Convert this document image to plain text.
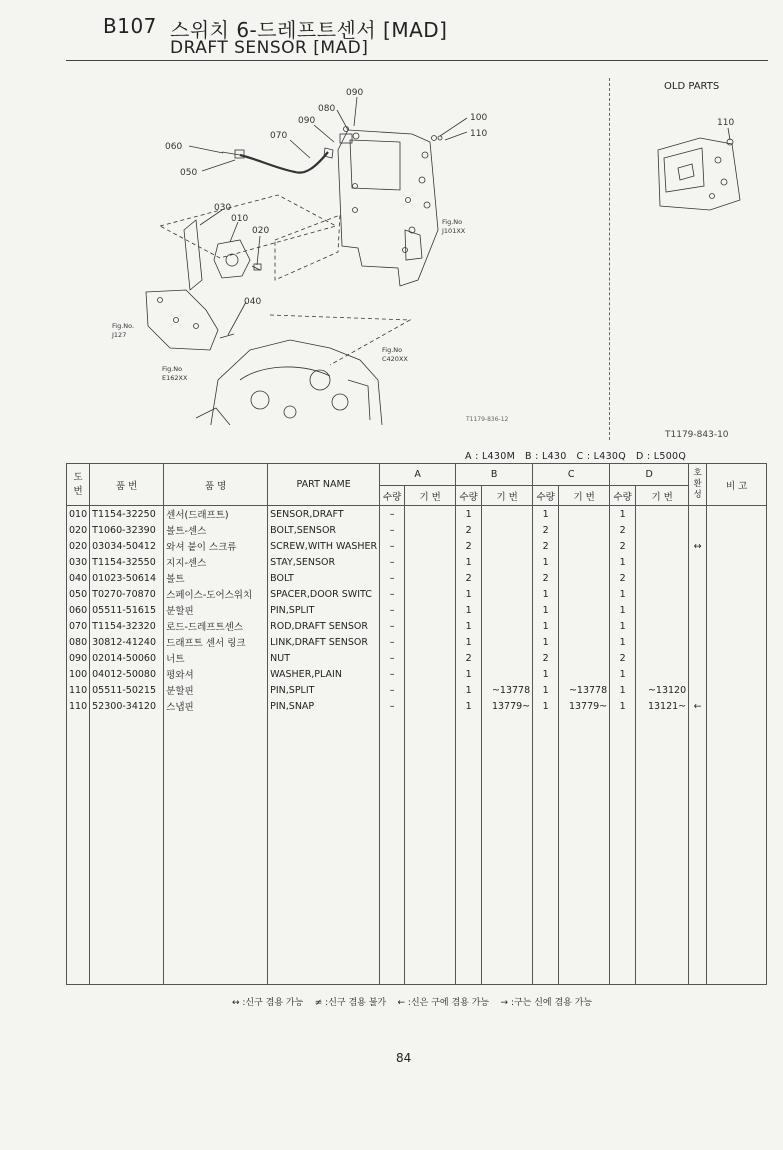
B107 스위치 6-드레프트센서 [MAD]
DRAFT SENSOR [MAD]
090
080
090	100
110
070
060
050
030
010
020
040
Fig.No
J101XX
Fig.No.
J127
Fig.No
E162XX
Fig.No
C420XX
T1179-836-12
OLD PARTS
110
T1179-843-10
A : L430M   B : L430   C : L430Q   D : L500Q
도
번	품 번	품 명	PART NAME	A		B		C		D		호
환
성	비 고
				수량	기 번	수량	기 번	수량	기 번	수량	기 번		
010	T1154-32250	센서(드래프트)	SENSOR,DRAFT	–		1		1		1			
020	T1060-32390	볼트-센스	BOLT,SENSOR	–		2		2		2			
020	03034-50412	와셔 붙이 스크류	SCREW,WITH WASHER	–		2		2		2		↔	
030	T1154-32550	지지-센스	STAY,SENSOR	–		1		1		1			
040	01023-50614	볼트	BOLT	–		2		2		2			
050	T0270-70870	스페이스-도어스위치	SPACER,DOOR SWITC	–		1		1		1			
060	05511-51615	분할핀	PIN,SPLIT	–		1		1		1			
070	T1154-32320	로드-드레프트센스	ROD,DRAFT SENSOR	–		1		1		1			
080	30812-41240	드래프트 센서 링크	LINK,DRAFT SENSOR	–		1		1		1			
090	02014-50060	너트	NUT	–		2		2		2			
100	04012-50080	평와셔	WASHER,PLAIN	–		1		1		1			
110	05511-50215	분할핀	PIN,SPLIT	–		1	~13778	1	~13778	1	~13120		
110	52300-34120	스냅핀	PIN,SNAP	–		1	13779~	1	13779~	1	13121~	←	

↔ :신구 겸용 가능    ≠ :신구 겸용 불가    ← :신은 구에 겸용 가능    → :구는 신에 겸용 가능
84
